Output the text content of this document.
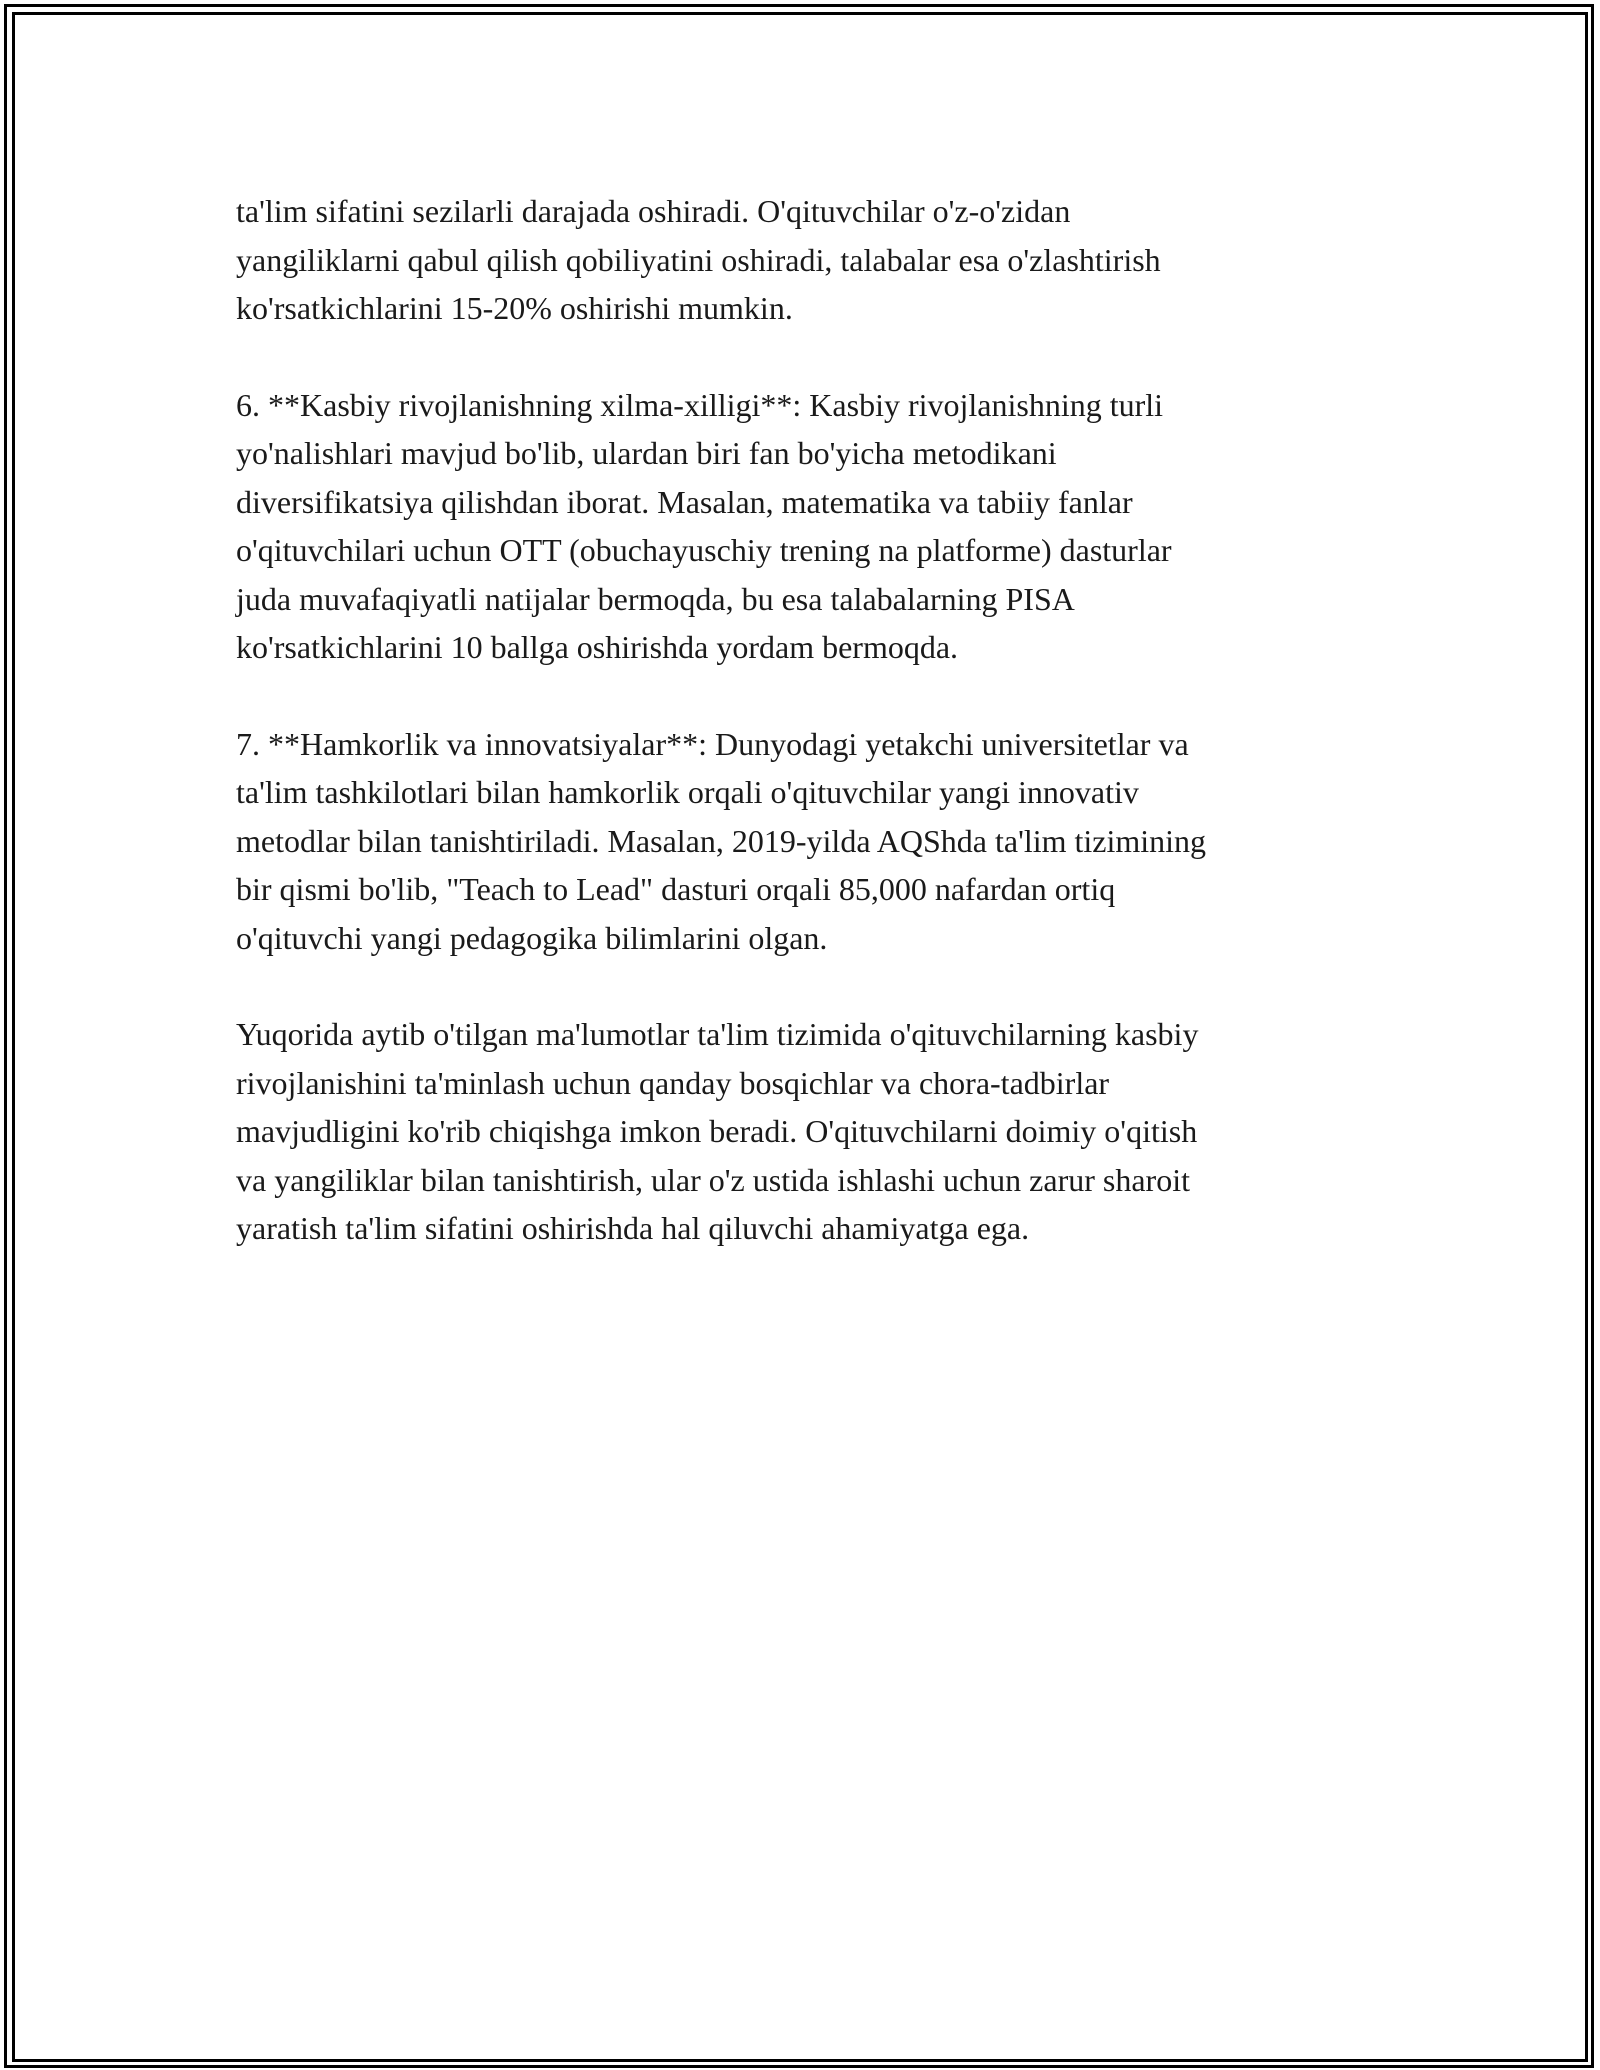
ta'lim sifatini sezilarli darajada oshiradi. O'qituvchilar o'z-o'zidan
yangiliklarni qabul qilish qobiliyatini oshiradi, talabalar esa o'zlashtirish
ko'rsatkichlarini 15-20% oshirishi mumkin.

6. **Kasbiy rivojlanishning xilma-xilligi**: Kasbiy rivojlanishning turli
yo'nalishlari mavjud bo'lib, ulardan biri fan bo'yicha metodikani
diversifikatsiya qilishdan iborat. Masalan, matematika va tabiiy fanlar
o'qituvchilari uchun OTT (obuchayuschiy trening na platforme) dasturlar
juda muvafaqiyatli natijalar bermoqda, bu esa talabalarning PISA
ko'rsatkichlarini 10 ballga oshirishda yordam bermoqda.

7. **Hamkorlik va innovatsiyalar**: Dunyodagi yetakchi universitetlar va
ta'lim tashkilotlari bilan hamkorlik orqali o'qituvchilar yangi innovativ
metodlar bilan tanishtiriladi. Masalan, 2019-yilda AQShda ta'lim tizimining
bir qismi bo'lib, "Teach to Lead" dasturi orqali 85,000 nafardan ortiq
o'qituvchi yangi pedagogika bilimlarini olgan.

Yuqorida aytib o'tilgan ma'lumotlar ta'lim tizimida o'qituvchilarning kasbiy
rivojlanishini ta'minlash uchun qanday bosqichlar va chora-tadbirlar
mavjudligini ko'rib chiqishga imkon beradi. O'qituvchilarni doimiy o'qitish
va yangiliklar bilan tanishtirish, ular o'z ustida ishlashi uchun zarur sharoit
yaratish ta'lim sifatini oshirishda hal qiluvchi ahamiyatga ega.
